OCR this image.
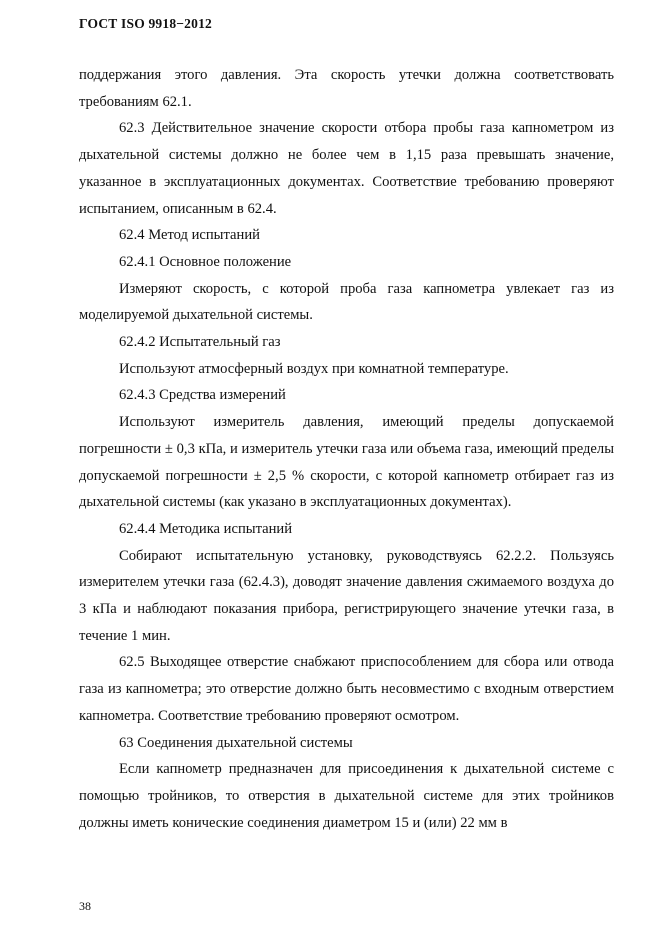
ГОСТ ISO 9918−2012

поддержания этого давления. Эта скорость утечки должна соответствовать требованиям 62.1.

62.3 Действительное значение скорости отбора пробы газа капнометром из дыхательной системы должно не более чем в 1,15 раза превышать значение, указанное в эксплуатационных документах. Соответствие требованию проверяют испытанием, описанным в 62.4.

62.4 Метод испытаний

62.4.1 Основное положение

Измеряют скорость, с которой проба газа капнометра увлекает газ из моделируемой дыхательной системы.

62.4.2 Испытательный газ

Используют атмосферный воздух при комнатной температуре.

62.4.3 Средства измерений

Используют измеритель давления, имеющий пределы допускаемой погрешности ± 0,3 кПа, и измеритель утечки газа или объема газа, имеющий пределы допускаемой погрешности ± 2,5 % скорости, с которой капнометр отбирает газ из дыхательной системы (как указано в эксплуатационных документах).

62.4.4 Методика испытаний

Собирают испытательную установку, руководствуясь 62.2.2. Пользуясь измерителем утечки газа (62.4.3), доводят значение давления сжимаемого воздуха до 3 кПа и наблюдают показания прибора, регистрирующего значение утечки газа, в течение 1 мин.

62.5 Выходящее отверстие снабжают приспособлением для сбора или отвода газа из капнометра; это отверстие должно быть несовместимо с входным отверстием капнометра. Соответствие требованию проверяют осмотром.

63 Соединения дыхательной системы

Если капнометр предназначен для присоединения к дыхательной системе с помощью тройников, то отверстия в дыхательной системе для этих тройников должны иметь конические соединения диаметром 15 и (или) 22 мм в

38
